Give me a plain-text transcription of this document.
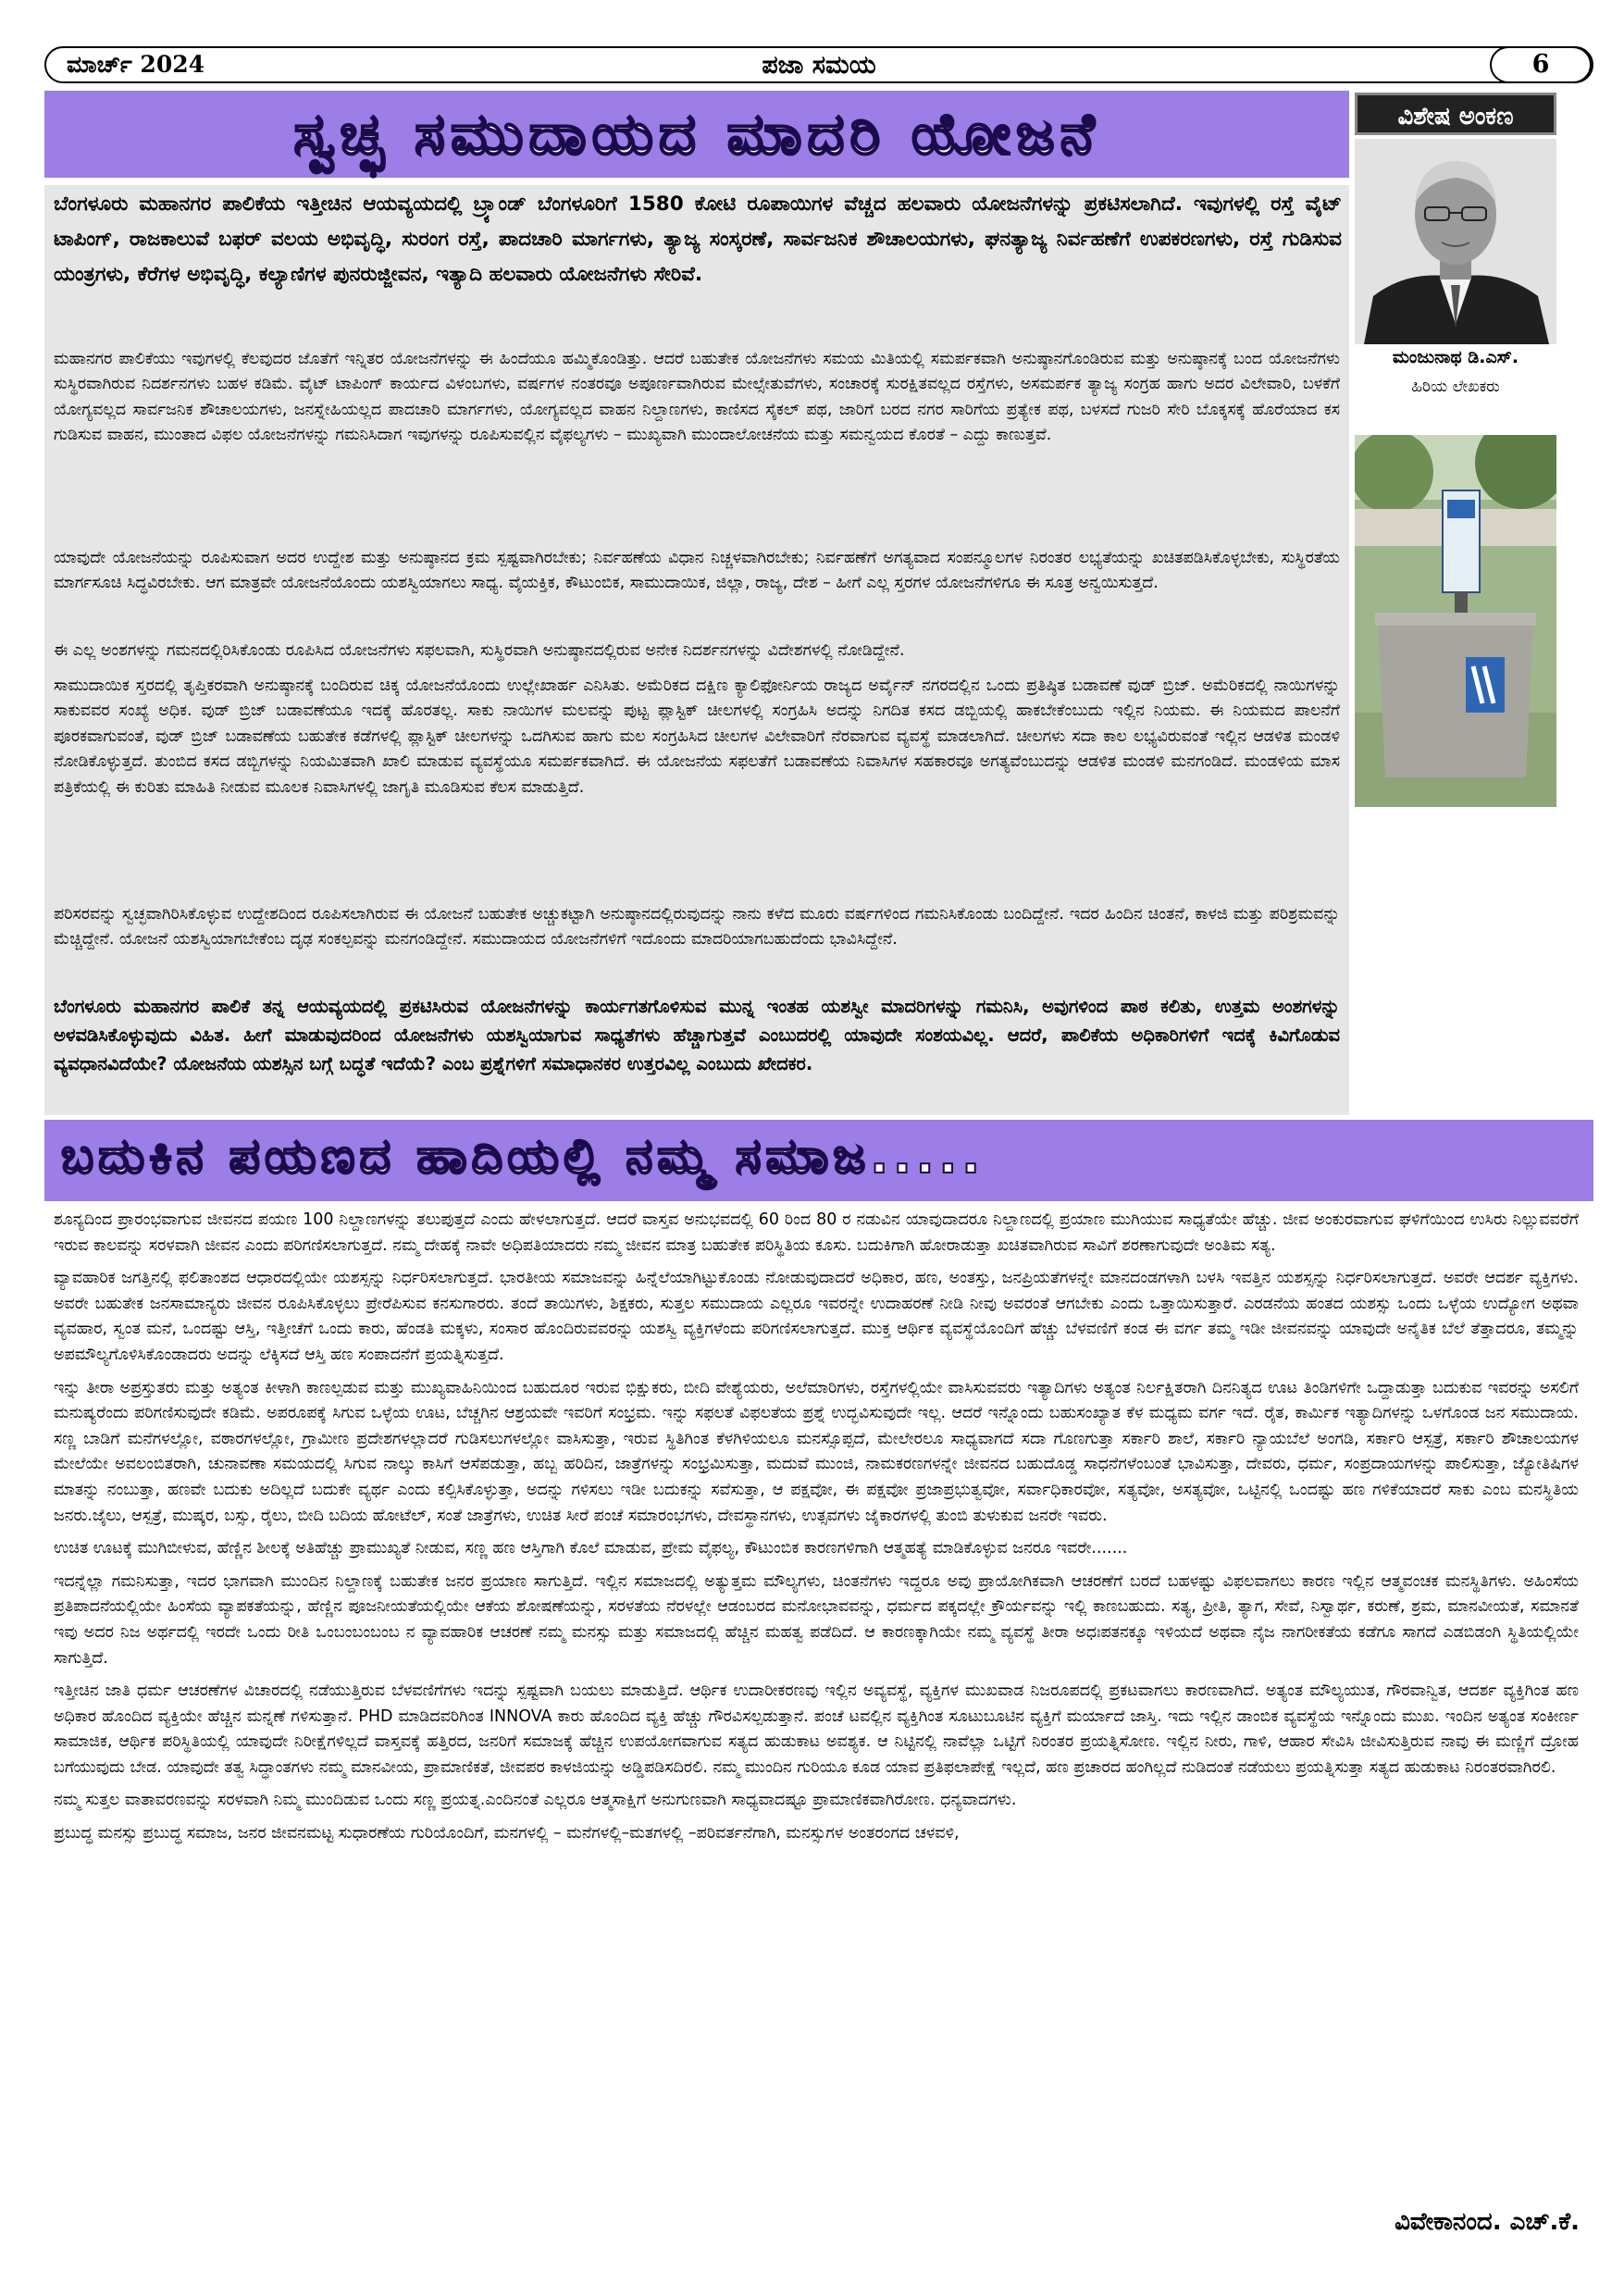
ಮಾರ್ಚ್ 2024	ಪಜಾ ಸಮಯ	6
ಸ್ವಚ್ಛ ಸಮುದಾಯದ ಮಾದರಿ ಯೋಜನೆ
ಬೆಂಗಳೂರು ಮಹಾನಗರ ಪಾಲಿಕೆಯ ಇತ್ತೀಚಿನ ಆಯವ್ಯಯದಲ್ಲಿ ಬ್ರ್ಯಾಂಡ್ ಬೆಂಗಳೂರಿಗೆ 1580 ಕೋಟಿ ರೂಪಾಯಿಗಳ ವೆಚ್ಚದ ಹಲವಾರು ಯೋಜನೆಗಳನ್ನು ಪ್ರಕಟಿಸಲಾಗಿದೆ. ಇವುಗಳಲ್ಲಿ ರಸ್ತೆ ವೈಟ್ ಟಾಪಿಂಗ್, ರಾಜಕಾಲುವೆ ಬಫರ್ ವಲಯ ಅಭಿವೃದ್ಧಿ, ಸುರಂಗ ರಸ್ತೆ, ಪಾದಚಾರಿ ಮಾರ್ಗಗಳು, ತ್ಯಾಜ್ಯ ಸಂಸ್ಕರಣೆ, ಸಾರ್ವಜನಿಕ ಶೌಚಾಲಯಗಳು, ಘನತ್ಯಾಜ್ಯ ನಿರ್ವಹಣೆಗೆ ಉಪಕರಣಗಳು, ರಸ್ತೆ ಗುಡಿಸುವ ಯಂತ್ರಗಳು, ಕೆರೆಗಳ ಅಭಿವೃದ್ಧಿ, ಕಲ್ಯಾಣಿಗಳ ಪುನರುಜ್ಜೀವನ, ಇತ್ಯಾದಿ ಹಲವಾರು ಯೋಜನೆಗಳು ಸೇರಿವೆ.

ಮಹಾನಗರ ಪಾಲಿಕೆಯು ಇವುಗಳಲ್ಲಿ ಕೆಲವುದರ ಜೊತೆಗೆ ಇನ್ನಿತರ ಯೋಜನೆಗಳನ್ನು ಈ ಹಿಂದೆಯೂ ಹಮ್ಮಿಕೊಂಡಿತ್ತು. ಆದರೆ ಬಹುತೇಕ ಯೋಜನೆಗಳು ಸಮಯ ಮಿತಿಯಲ್ಲಿ ಸಮರ್ಪಕವಾಗಿ ಅನುಷ್ಠಾನಗೊಂಡಿರುವ ಮತ್ತು ಅನುಷ್ಠಾನಕ್ಕೆ ಬಂದ ಯೋಜನೆಗಳು ಸುಸ್ಥಿರವಾಗಿರುವ ನಿದರ್ಶನಗಳು ಬಹಳ ಕಡಿಮೆ. ವೈಟ್ ಟಾಪಿಂಗ್ ಕಾರ್ಯದ ವಿಳಂಬಗಳು, ವರ್ಷಗಳ ನಂತರವೂ ಅಪೂರ್ಣವಾಗಿರುವ ಮೇಲ್ಸೇತುವೆಗಳು, ಸಂಚಾರಕ್ಕೆ ಸುರಕ್ಷಿತವಲ್ಲದ ರಸ್ತೆಗಳು, ಅಸಮರ್ಪಕ ತ್ಯಾಜ್ಯ ಸಂಗ್ರಹ ಹಾಗು ಅದರ ವಿಲೇವಾರಿ, ಬಳಕೆಗೆ ಯೋಗ್ಯವಲ್ಲದ ಸಾರ್ವಜನಿಕ ಶೌಚಾಲಯಗಳು, ಜನಸ್ನೇಹಿಯಲ್ಲದ ಪಾದಚಾರಿ ಮಾರ್ಗಗಳು, ಯೋಗ್ಯವಲ್ಲದ ವಾಹನ ನಿಲ್ದಾಣಗಳು, ಕಾಣಿಸದ ಸೈಕಲ್ ಪಥ, ಜಾರಿಗೆ ಬರದ ನಗರ ಸಾರಿಗೆಯ ಪ್ರತ್ಯೇಕ ಪಥ, ಬಳಸದೆ ಗುಜರಿ ಸೇರಿ ಬೊಕ್ಕಸಕ್ಕೆ ಹೊರೆಯಾದ ಕಸ ಗುಡಿಸುವ ವಾಹನ, ಮುಂತಾದ ವಿಫಲ ಯೋಜನೆಗಳನ್ನು ಗಮನಿಸಿದಾಗ ಇವುಗಳನ್ನು ರೂಪಿಸುವಲ್ಲಿನ ವೈಫಲ್ಯಗಳು – ಮುಖ್ಯವಾಗಿ ಮುಂದಾಲೋಚನೆಯ ಮತ್ತು ಸಮನ್ವಯದ ಕೊರತೆ – ಎದ್ದು ಕಾಣುತ್ತವೆ.

ಯಾವುದೇ ಯೋಜನೆಯನ್ನು ರೂಪಿಸುವಾಗ ಅದರ ಉದ್ದೇಶ ಮತ್ತು ಅನುಷ್ಠಾನದ ಕ್ರಮ ಸ್ಪಷ್ಟವಾಗಿರಬೇಕು; ನಿರ್ವಹಣೆಯ ವಿಧಾನ ನಿಚ್ಚಳವಾಗಿರಬೇಕು; ನಿರ್ವಹಣೆಗೆ ಅಗತ್ಯವಾದ ಸಂಪನ್ಮೂಲಗಳ ನಿರಂತರ ಲಭ್ಯತೆಯನ್ನು ಖಚಿತಪಡಿಸಿಕೊಳ್ಳಬೇಕು, ಸುಸ್ಥಿರತೆಯ ಮಾರ್ಗಸೂಚಿ ಸಿದ್ಧವಿರಬೇಕು. ಆಗ ಮಾತ್ರವೇ ಯೋಜನೆಯೊಂದು ಯಶಸ್ವಿಯಾಗಲು ಸಾಧ್ಯ. ವೈಯಕ್ತಿಕ, ಕೌಟುಂಬಿಕ, ಸಾಮುದಾಯಿಕ, ಜಿಲ್ಲಾ, ರಾಜ್ಯ, ದೇಶ – ಹೀಗೆ ಎಲ್ಲ ಸ್ತರಗಳ ಯೋಜನೆಗಳಿಗೂ ಈ ಸೂತ್ರ ಅನ್ವಯಿಸುತ್ತದೆ.

ಈ ಎಲ್ಲ ಅಂಶಗಳನ್ನು ಗಮನದಲ್ಲಿರಿಸಿಕೊಂಡು ರೂಪಿಸಿದ ಯೋಜನೆಗಳು ಸಫಲವಾಗಿ, ಸುಸ್ಥಿರವಾಗಿ ಅನುಷ್ಠಾನದಲ್ಲಿರುವ ಅನೇಕ ನಿದರ್ಶನಗಳನ್ನು ವಿದೇಶಗಳಲ್ಲಿ ನೋಡಿದ್ದೇನೆ.

ಸಾಮುದಾಯಿಕ ಸ್ತರದಲ್ಲಿ ತೃಪ್ತಿಕರವಾಗಿ ಅನುಷ್ಠಾನಕ್ಕೆ ಬಂದಿರುವ ಚಿಕ್ಕ ಯೋಜನೆಯೊಂದು ಉಲ್ಲೇಖಾರ್ಹ ಎನಿಸಿತು. ಅಮೆರಿಕದ ದಕ್ಷಿಣ ಕ್ಯಾಲಿಫೋರ್ನಿಯ ರಾಜ್ಯದ ಅರ್ವೈನ್ ನಗರದಲ್ಲಿನ ಒಂದು ಪ್ರತಿಷ್ಠಿತ ಬಡಾವಣೆ ವುಡ್ ಬ್ರಿಜ್. ಅಮೆರಿಕದಲ್ಲಿ ನಾಯಿಗಳನ್ನು ಸಾಕುವವರ ಸಂಖ್ಯೆ ಅಧಿಕ. ವುಡ್ ಬ್ರಿಜ್ ಬಡಾವಣೆಯೂ ಇದಕ್ಕೆ ಹೊರತಲ್ಲ. ಸಾಕು ನಾಯಿಗಳ ಮಲವನ್ನು ಪುಟ್ಟ ಪ್ಲಾಸ್ಟಿಕ್ ಚೀಲಗಳಲ್ಲಿ ಸಂಗ್ರಹಿಸಿ ಅದನ್ನು ನಿಗದಿತ ಕಸದ ಡಬ್ಬಿಯಲ್ಲಿ ಹಾಕಬೇಕೆಂಬುದು ಇಲ್ಲಿನ ನಿಯಮ. ಈ ನಿಯಮದ ಪಾಲನೆಗೆ ಪೂರಕವಾಗುವಂತೆ, ವುಡ್ ಬ್ರಿಜ್ ಬಡಾವಣೆಯ ಬಹುತೇಕ ಕಡೆಗಳಲ್ಲಿ ಪ್ಲಾಸ್ಟಿಕ್ ಚೀಲಗಳನ್ನು ಒದಗಿಸುವ ಹಾಗು ಮಲ ಸಂಗ್ರಹಿಸಿದ ಚೀಲಗಳ ವಿಲೇವಾರಿಗೆ ನೆರವಾಗುವ ವ್ಯವಸ್ಥೆ ಮಾಡಲಾಗಿದೆ. ಚೀಲಗಳು ಸದಾ ಕಾಲ ಲಭ್ಯವಿರುವಂತೆ ಇಲ್ಲಿನ ಆಡಳಿತ ಮಂಡಳಿ ನೋಡಿಕೊಳ್ಳುತ್ತದೆ. ತುಂಬಿದ ಕಸದ ಡಬ್ಬಿಗಳನ್ನು ನಿಯಮಿತವಾಗಿ ಖಾಲಿ ಮಾಡುವ ವ್ಯವಸ್ಥೆಯೂ ಸಮರ್ಪಕವಾಗಿದೆ. ಈ ಯೋಜನೆಯ ಸಫಲತೆಗೆ ಬಡಾವಣೆಯ ನಿವಾಸಿಗಳ ಸಹಕಾರವೂ ಅಗತ್ಯವೆಂಬುದನ್ನು ಆಡಳಿತ ಮಂಡಳಿ ಮನಗಂಡಿದೆ. ಮಂಡಳಿಯ ಮಾಸ ಪತ್ರಿಕೆಯಲ್ಲಿ ಈ ಕುರಿತು ಮಾಹಿತಿ ನೀಡುವ ಮೂಲಕ ನಿವಾಸಿಗಳಲ್ಲಿ ಜಾಗೃತಿ ಮೂಡಿಸುವ ಕೆಲಸ ಮಾಡುತ್ತಿದೆ.

ಪರಿಸರವನ್ನು ಸ್ವಚ್ಛವಾಗಿರಿಸಿಕೊಳ್ಳುವ ಉದ್ದೇಶದಿಂದ ರೂಪಿಸಲಾಗಿರುವ ಈ ಯೋಜನೆ ಬಹುತೇಕ ಅಚ್ಚುಕಟ್ಟಾಗಿ ಅನುಷ್ಠಾನದಲ್ಲಿರುವುದನ್ನು ನಾನು ಕಳೆದ ಮೂರು ವರ್ಷಗಳಿಂದ ಗಮನಿಸಿಕೊಂಡು ಬಂದಿದ್ದೇನೆ. ಇದರ ಹಿಂದಿನ ಚಿಂತನೆ, ಕಾಳಜಿ ಮತ್ತು ಪರಿಶ್ರಮವನ್ನು ಮೆಚ್ಚಿದ್ದೇನೆ. ಯೋಜನೆ ಯಶಸ್ವಿಯಾಗಬೇಕೆಂಬ ದೃಢ ಸಂಕಲ್ಪವನ್ನು ಮನಗಂಡಿದ್ದೇನೆ. ಸಮುದಾಯದ ಯೋಜನೆಗಳಿಗೆ ಇದೊಂದು ಮಾದರಿಯಾಗಬಹುದೆಂದು ಭಾವಿಸಿದ್ದೇನೆ.

ಬೆಂಗಳೂರು ಮಹಾನಗರ ಪಾಲಿಕೆ ತನ್ನ ಆಯವ್ಯಯದಲ್ಲಿ ಪ್ರಕಟಿಸಿರುವ ಯೋಜನೆಗಳನ್ನು ಕಾರ್ಯಗತಗೊಳಿಸುವ ಮುನ್ನ ಇಂತಹ ಯಶಸ್ವೀ ಮಾದರಿಗಳನ್ನು ಗಮನಿಸಿ, ಅವುಗಳಿಂದ ಪಾಠ ಕಲಿತು, ಉತ್ತಮ ಅಂಶಗಳನ್ನು ಅಳವಡಿಸಿಕೊಳ್ಳುವುದು ವಿಹಿತ. ಹೀಗೆ ಮಾಡುವುದರಿಂದ ಯೋಜನೆಗಳು ಯಶಸ್ವಿಯಾಗುವ ಸಾಧ್ಯತೆಗಳು ಹೆಚ್ಚಾಗುತ್ತವೆ ಎಂಬುದರಲ್ಲಿ ಯಾವುದೇ ಸಂಶಯವಿಲ್ಲ. ಆದರೆ, ಪಾಲಿಕೆಯ ಅಧಿಕಾರಿಗಳಿಗೆ ಇದಕ್ಕೆ ಕಿವಿಗೊಡುವ ವ್ಯವಧಾನವಿದೆಯೇ? ಯೋಜನೆಯ ಯಶಸ್ಸಿನ ಬಗ್ಗೆ ಬದ್ಧತೆ ಇದೆಯೆ? ಎಂಬ ಪ್ರಶ್ನೆಗಳಿಗೆ ಸಮಾಧಾನಕರ ಉತ್ತರವಿಲ್ಲ ಎಂಬುದು ಖೇದಕರ.

ವಿಶೇಷ ಅಂಕಣ
ಮಂಜುನಾಥ ಡಿ.ಎಸ್.
ಹಿರಿಯ ಲೇಖಕರು
ಬದುಕಿನ ಪಯಣದ ಹಾದಿಯಲ್ಲಿ ನಮ್ಮ ಸಮಾಜ.....

ಶೂನ್ಯದಿಂದ ಪ್ರಾರಂಭವಾಗುವ ಜೀವನದ ಪಯಣ 100 ನಿಲ್ದಾಣಗಳನ್ನು ತಲುಪುತ್ತದೆ ಎಂದು ಹೇಳಲಾಗುತ್ತದೆ. ಆದರೆ ವಾಸ್ತವ ಅನುಭವದಲ್ಲಿ 60 ರಿಂದ 80 ರ ನಡುವಿನ ಯಾವುದಾದರೂ ನಿಲ್ದಾಣದಲ್ಲಿ ಪ್ರಯಾಣ ಮುಗಿಯುವ ಸಾಧ್ಯತೆಯೇ ಹೆಚ್ಚು. ಜೀವ ಅಂಕುರವಾಗುವ ಘಳಿಗೆಯಿಂದ ಉಸಿರು ನಿಲ್ಲುವವರೆಗೆ ಇರುವ ಕಾಲವನ್ನು ಸರಳವಾಗಿ ಜೀವನ ಎಂದು ಪರಿಗಣಿಸಲಾಗುತ್ತದೆ. ನಮ್ಮ ದೇಹಕ್ಕೆ ನಾವೇ ಅಧಿಪತಿಯಾದರು ನಮ್ಮ ಜೀವನ ಮಾತ್ರ ಬಹುತೇಕ ಪರಿಸ್ಥಿತಿಯ ಕೂಸು. ಬದುಕಿಗಾಗಿ ಹೋರಾಡುತ್ತಾ ಖಚಿತವಾಗಿರುವ ಸಾವಿಗೆ ಶರಣಾಗುವುದೇ ಅಂತಿಮ ಸತ್ಯ.

ವ್ಯಾವಹಾರಿಕ ಜಗತ್ತಿನಲ್ಲಿ ಫಲಿತಾಂಶದ ಆಧಾರದಲ್ಲಿಯೇ ಯಶಸ್ಸನ್ನು ನಿರ್ಧರಿಸಲಾಗುತ್ತದೆ. ಭಾರತೀಯ ಸಮಾಜವನ್ನು ಹಿನ್ನೆಲೆಯಾಗಿಟ್ಟುಕೊಂಡು ನೋಡುವುದಾದರೆ ಅಧಿಕಾರ, ಹಣ, ಅಂತಸ್ತು, ಜನಪ್ರಿಯತೆಗಳನ್ನೇ ಮಾನದಂಡಗಳಾಗಿ ಬಳಸಿ ಇವತ್ತಿನ ಯಶಸ್ಸನ್ನು ನಿರ್ಧರಿಸಲಾಗುತ್ತದೆ. ಅವರೇ ಆದರ್ಶ ವ್ಯಕ್ತಿಗಳು. ಅವರೇ ಬಹುತೇಕ ಜನಸಾಮಾನ್ಯರು ಜೀವನ ರೂಪಿಸಿಕೊಳ್ಳಲು ಪ್ರೇರೆಪಿಸುವ ಕನಸುಗಾರರು. ತಂದೆ ತಾಯಿಗಳು, ಶಿಕ್ಷಕರು, ಸುತ್ತಲ ಸಮುದಾಯ ಎಲ್ಲರೂ ಇವರನ್ನೇ ಉದಾಹರಣೆ ನೀಡಿ ನೀವು ಅವರಂತೆ ಆಗಬೇಕು ಎಂದು ಒತ್ತಾಯಿಸುತ್ತಾರೆ. ಎರಡನೆಯ ಹಂತದ ಯಶಸ್ಸು ಒಂದು ಒಳ್ಳೆಯ ಉದ್ಯೋಗ ಅಥವಾ ವ್ಯವಹಾರ, ಸ್ವಂತ ಮನೆ, ಒಂದಷ್ಟು ಆಸ್ತಿ, ಇತ್ತೀಚೆಗೆ ಒಂದು ಕಾರು, ಹೆಂಡತಿ ಮಕ್ಕಳು, ಸಂಸಾರ ಹೊಂದಿರುವವರನ್ನು ಯಶಸ್ವಿ ವ್ಯಕ್ತಿಗಳೆಂದು ಪರಿಗಣಿಸಲಾಗುತ್ತದೆ. ಮುಕ್ತ ಆರ್ಥಿಕ ವ್ಯವಸ್ಥೆಯೊಂದಿಗೆ ಹೆಚ್ಚು ಬೆಳವಣಿಗೆ ಕಂಡ ಈ ವರ್ಗ ತಮ್ಮ ಇಡೀ ಜೀವನವನ್ನು ಯಾವುದೇ ಅನೈತಿಕ ಬೆಲೆ ತೆತ್ತಾದರೂ, ತಮ್ಮನ್ನು ಅಪಮೌಲ್ಯಗೊಳಿಸಿಕೊಂಡಾದರು ಅದನ್ನು ಲೆಕ್ಕಿಸದೆ ಆಸ್ತಿ ಹಣ ಸಂಪಾದನೆಗೆ ಪ್ರಯತ್ನಿಸುತ್ತದೆ.

ಇನ್ನು ತೀರಾ ಅಪ್ರಸ್ತುತರು ಮತ್ತು ಅತ್ಯಂತ ಕೀಳಾಗಿ ಕಾಣಲ್ಪಡುವ ಮತ್ತು ಮುಖ್ಯವಾಹಿನಿಯಿಂದ ಬಹುದೂರ ಇರುವ ಭಿಕ್ಷುಕರು, ಬೀದಿ ವೇಶ್ಯೆಯರು, ಅಲೆಮಾರಿಗಳು, ರಸ್ತೆಗಳಲ್ಲಿಯೇ ವಾಸಿಸುವವರು ಇತ್ಯಾದಿಗಳು ಅತ್ಯಂತ ನಿರ್ಲಕ್ಷಿತರಾಗಿ ದಿನನಿತ್ಯದ ಊಟ ತಿಂಡಿಗಳಿಗೇ ಒದ್ದಾಡುತ್ತಾ ಬದುಕುವ ಇವರನ್ನು ಅಸಲಿಗೆ ಮನುಷ್ಯರೆಂದು ಪರಿಗಣಿಸುವುದೇ ಕಡಿಮೆ. ಅಪರೂಪಕ್ಕೆ ಸಿಗುವ ಒಳ್ಳೆಯ ಊಟ, ಬೆಚ್ಚಗಿನ ಆಶ್ರಯವೇ ಇವರಿಗೆ ಸಂಭ್ರಮ. ಇನ್ನು ಸಫಲತೆ ವಿಫಲತೆಯ ಪ್ರಶ್ನೆ ಉದ್ಭವಿಸುವುದೇ ಇಲ್ಲ. ಆದರೆ ಇನ್ನೊಂದು ಬಹುಸಂಖ್ಯಾತ ಕೆಳ ಮಧ್ಯಮ ವರ್ಗ ಇದೆ. ರೈತ, ಕಾರ್ಮಿಕ ಇತ್ಯಾದಿಗಳನ್ನು ಒಳಗೊಂಡ ಜನ ಸಮುದಾಯ. ಸಣ್ಣ ಬಾಡಿಗೆ ಮನೆಗಳಲ್ಲೋ, ವಠಾರಗಳಲ್ಲೋ, ಗ್ರಾಮೀಣ ಪ್ರದೇಶಗಳಲ್ಲಾದರೆ ಗುಡಿಸಲುಗಳಲ್ಲೋ ವಾಸಿಸುತ್ತಾ, ಇರುವ ಸ್ಥಿತಿಗಿಂತ ಕೆಳಗಿಳಿಯಲೂ ಮನಸ್ಸೊಪ್ಪದೆ, ಮೇಲೇರಲೂ ಸಾಧ್ಯವಾಗದೆ ಸದಾ ಗೊಣಗುತ್ತಾ ಸರ್ಕಾರಿ ಶಾಲೆ, ಸರ್ಕಾರಿ ನ್ಯಾಯಬೆಲೆ ಅಂಗಡಿ, ಸರ್ಕಾರಿ ಆಸ್ಪತ್ರೆ, ಸರ್ಕಾರಿ ಶೌಚಾಲಯಗಳ ಮೇಲೆಯೇ ಅವಲಂಬಿತರಾಗಿ, ಚುನಾವಣಾ ಸಮಯದಲ್ಲಿ ಸಿಗುವ ನಾಲ್ಕು ಕಾಸಿಗೆ ಆಸೆಪಡುತ್ತಾ, ಹಬ್ಬ ಹರಿದಿನ, ಜಾತ್ರೆಗಳನ್ನು ಸಂಭ್ರಮಿಸುತ್ತಾ, ಮದುವೆ ಮುಂಜಿ, ನಾಮಕರಣಗಳನ್ನೇ ಜೀವನದ ಬಹುದೊಡ್ಡ ಸಾಧನೆಗಳೆಂಬಂತೆ ಭಾವಿಸುತ್ತಾ, ದೇವರು, ಧರ್ಮ, ಸಂಪ್ರದಾಯಗಳನ್ನು ಪಾಲಿಸುತ್ತಾ, ಜ್ಯೋತಿಷಿಗಳ ಮಾತನ್ನು ನಂಬುತ್ತಾ, ಹಣವೇ ಬದುಕು ಅದಿಲ್ಲದೆ ಬದುಕೇ ವ್ಯರ್ಥ ಎಂದು ಕಲ್ಪಿಸಿಕೊಳ್ಳುತ್ತಾ, ಅದನ್ನು ಗಳಿಸಲು ಇಡೀ ಬದುಕನ್ನು ಸವೆಸುತ್ತಾ, ಆ ಪಕ್ಷವೋ, ಈ ಪಕ್ಷವೋ ಪ್ರಜಾಪ್ರಭುತ್ವವೋ, ಸರ್ವಾಧಿಕಾರವೋ, ಸತ್ಯವೋ, ಅಸತ್ಯವೋ, ಒಟ್ಟಿನಲ್ಲಿ ಒಂದಷ್ಟು ಹಣ ಗಳಿಕೆಯಾದರೆ ಸಾಕು ಎಂಬ ಮನಸ್ಥಿತಿಯ ಜನರು.ಜೈಲು, ಆಸ್ಪತ್ರೆ, ಮುಷ್ಕರ, ಬಸ್ಸು, ರೈಲು, ಬೀದಿ ಬದಿಯ ಹೋಟೆಲ್, ಸಂತೆ ಜಾತ್ರೆಗಳು, ಉಚಿತ ಸೀರೆ ಪಂಚೆ ಸಮಾರಂಭಗಳು, ದೇವಸ್ಥಾನಗಳು, ಉತ್ಸವಗಳು ಜೈಕಾರಗಳಲ್ಲಿ ತುಂಬಿ ತುಳುಕುವ ಜನರೇ ಇವರು.

ಉಚಿತ ಊಟಕ್ಕೆ ಮುಗಿಬೀಳುವ, ಹೆಣ್ಣಿನ ಶೀಲಕ್ಕೆ ಅತಿಹೆಚ್ಚು ಪ್ರಾಮುಖ್ಯತೆ ನೀಡುವ, ಸಣ್ಣ ಹಣ ಆಸ್ತಿಗಾಗಿ ಕೊಲೆ ಮಾಡುವ, ಪ್ರೇಮ ವೈಫಲ್ಯ, ಕೌಟುಂಬಿಕ ಕಾರಣಗಳಿಗಾಗಿ ಆತ್ಮಹತ್ಯೆ ಮಾಡಿಕೊಳ್ಳುವ ಜನರೂ ಇವರೇ.......

ಇದನ್ನೆಲ್ಲಾ ಗಮನಿಸುತ್ತಾ, ಇದರ ಭಾಗವಾಗಿ ಮುಂದಿನ ನಿಲ್ದಾಣಕ್ಕೆ ಬಹುತೇಕ ಜನರ ಪ್ರಯಾಣ ಸಾಗುತ್ತಿದೆ. ಇಲ್ಲಿನ ಸಮಾಜದಲ್ಲಿ ಅತ್ಯುತ್ತಮ ಮೌಲ್ಯಗಳು, ಚಿಂತನೆಗಳು ಇದ್ದರೂ ಅವು ಪ್ರಾಯೋಗಿಕವಾಗಿ ಆಚರಣೆಗೆ ಬರದೆ ಬಹಳಷ್ಟು ವಿಫಲವಾಗಲು ಕಾರಣ ಇಲ್ಲಿನ ಆತ್ಮವಂಚಕ ಮನಸ್ಥಿತಿಗಳು. ಅಹಿಂಸೆಯ ಪ್ರತಿಪಾದನೆಯಲ್ಲಿಯೇ ಹಿಂಸೆಯ ವ್ಯಾಪಕತೆಯನ್ನು, ಹೆಣ್ಣಿನ ಪೂಜನೀಯತೆಯಲ್ಲಿಯೇ ಆಕೆಯ ಶೋಷಣೆಯನ್ನು, ಸರಳತೆಯ ನೆರಳಲ್ಲೇ ಆಡಂಬರದ ಮನೋಭಾವವನ್ನು, ಧರ್ಮದ ಪಕ್ಕದಲ್ಲೇ ಕ್ರೌರ್ಯವನ್ನು ಇಲ್ಲಿ ಕಾಣಬಹುದು. ಸತ್ಯ, ಪ್ರೀತಿ, ತ್ಯಾಗ, ಸೇವೆ, ನಿಸ್ವಾರ್ಥ, ಕರುಣೆ, ಶ್ರಮ, ಮಾನವೀಯತೆ, ಸಮಾನತೆ ಇವು ಅದರ ನಿಜ ಅರ್ಥದಲ್ಲಿ ಇರದೇ ಒಂದು ರೀತಿ ಒಂಬಂಬಂಬಂಬ ನ ವ್ಯಾವಹಾರಿಕ ಆಚರಣೆ ನಮ್ಮ ಮನಸ್ಸು ಮತ್ತು ಸಮಾಜದಲ್ಲಿ ಹೆಚ್ಚಿನ ಮಹತ್ವ ಪಡೆದಿದೆ. ಆ ಕಾರಣಕ್ಕಾಗಿಯೇ ನಮ್ಮ ವ್ಯವಸ್ಥೆ ತೀರಾ ಅಧಃಪತನಕ್ಕೂ ಇಳಿಯದೆ ಅಥವಾ ನೈಜ ನಾಗರೀಕತೆಯ ಕಡೆಗೂ ಸಾಗದೆ ಎಡಬಿಡಂಗಿ ಸ್ಥಿತಿಯಲ್ಲಿಯೇ ಸಾಗುತ್ತಿದೆ.

ಇತ್ತೀಚಿನ ಜಾತಿ ಧರ್ಮ ಆಚರಣೆಗಳ ವಿಚಾರದಲ್ಲಿ ನಡೆಯುತ್ತಿರುವ ಬೆಳವಣಿಗೆಗಳು ಇದನ್ನು ಸ್ಪಷ್ಟವಾಗಿ ಬಯಲು ಮಾಡುತ್ತಿದೆ. ಆರ್ಥಿಕ ಉದಾರೀಕರಣವು ಇಲ್ಲಿನ ಅವ್ಯವಸ್ಥೆ, ವ್ಯಕ್ತಿಗಳ ಮುಖವಾಡ ನಿಜರೂಪದಲ್ಲಿ ಪ್ರಕಟವಾಗಲು ಕಾರಣವಾಗಿದೆ. ಅತ್ಯಂತ ಮೌಲ್ಯಯುತ, ಗೌರವಾನ್ವಿತ, ಆದರ್ಶ ವ್ಯಕ್ತಿಗಿಂತ ಹಣ ಅಧಿಕಾರ ಹೊಂದಿದ ವ್ಯಕ್ತಿಯೇ ಹೆಚ್ಚಿನ ಮನ್ನಣೆ ಗಳಿಸುತ್ತಾನೆ. PHD ಮಾಡಿದವರಿಗಿಂತ INNOVA ಕಾರು ಹೊಂದಿದ ವ್ಯಕ್ತಿ ಹೆಚ್ಚು ಗೌರವಿಸಲ್ಪಡುತ್ತಾನೆ. ಪಂಚೆ ಟವಲ್ಲಿನ ವ್ಯಕ್ತಿಗಿಂತ ಸೂಟುಬೂಟಿನ ವ್ಯಕ್ತಿಗೆ ಮರ್ಯಾದೆ ಜಾಸ್ತಿ. ಇದು ಇಲ್ಲಿನ ಡಾಂಬಿಕ ವ್ಯವಸ್ಥೆಯ ಇನ್ನೊಂದು ಮುಖ. ಇಂದಿನ ಅತ್ಯಂತ ಸಂಕೀರ್ಣ ಸಾಮಾಜಿಕ, ಆರ್ಥಿಕ ಪರಿಸ್ಥಿತಿಯಲ್ಲಿ ಯಾವುದೇ ನಿರೀಕ್ಷೆಗಳಿಲ್ಲದೆ ವಾಸ್ತವಕ್ಕೆ ಹತ್ತಿರದ, ಜನರಿಗೆ ಸಮಾಜಕ್ಕೆ ಹೆಚ್ಚಿನ ಉಪಯೋಗವಾಗುವ ಸತ್ಯದ ಹುಡುಕಾಟ ಅವಶ್ಯಕ. ಆ ನಿಟ್ಟಿನಲ್ಲಿ ನಾವೆಲ್ಲಾ ಒಟ್ಟಿಗೆ ನಿರಂತರ ಪ್ರಯತ್ನಿಸೋಣ. ಇಲ್ಲಿನ ನೀರು, ಗಾಳಿ, ಆಹಾರ ಸೇವಿಸಿ ಜೀವಿಸುತ್ತಿರುವ ನಾವು ಈ ಮಣ್ಣಿಗೆ ದ್ರೋಹ ಬಗೆಯುವುದು ಬೇಡ. ಯಾವುದೇ ತತ್ವ ಸಿದ್ಧಾಂತಗಳು ನಮ್ಮ ಮಾನವೀಯ, ಪ್ರಾಮಾಣಿಕತೆ, ಜೀವಪರ ಕಾಳಜಿಯನ್ನು ಅಡ್ಡಿಪಡಿಸದಿರಲಿ. ನಮ್ಮ ಮುಂದಿನ ಗುರಿಯೂ ಕೂಡ ಯಾವ ಪ್ರತಿಫಲಾಪೇಕ್ಷೆ ಇಲ್ಲದೆ, ಹಣ ಪ್ರಚಾರದ ಹಂಗಿಲ್ಲದೆ ನುಡಿದಂತೆ ನಡೆಯಲು ಪ್ರಯತ್ನಿಸುತ್ತಾ ಸತ್ಯದ ಹುಡುಕಾಟ ನಿರಂತರವಾಗಿರಲಿ.

ನಮ್ಮ ಸುತ್ತಲ ವಾತಾವರಣವನ್ನು ಸರಳವಾಗಿ ನಿಮ್ಮ ಮುಂದಿಡುವ ಒಂದು ಸಣ್ಣ ಪ್ರಯತ್ನ.ಎಂದಿನಂತೆ ಎಲ್ಲರೂ ಆತ್ಮಸಾಕ್ಷಿಗೆ ಅನುಗುಣವಾಗಿ ಸಾಧ್ಯವಾದಷ್ಟೂ ಪ್ರಾಮಾಣಿಕವಾಗಿರೋಣ. ಧನ್ಯವಾದಗಳು.

ಪ್ರಬುದ್ಧ ಮನಸ್ಸು ಪ್ರಬುದ್ಧ ಸಮಾಜ, ಜನರ ಜೀವನಮಟ್ಟ ಸುಧಾರಣೆಯ ಗುರಿಯೊಂದಿಗೆ, ಮನಗಳಲ್ಲಿ – ಮನೆಗಳಲ್ಲಿ–ಮತಗಳಲ್ಲಿ –ಪರಿವರ್ತನೆಗಾಗಿ, ಮನಸ್ಸುಗಳ ಅಂತರಂಗದ ಚಳವಳಿ,

ವಿವೇಕಾನಂದ. ಎಚ್.ಕೆ.
